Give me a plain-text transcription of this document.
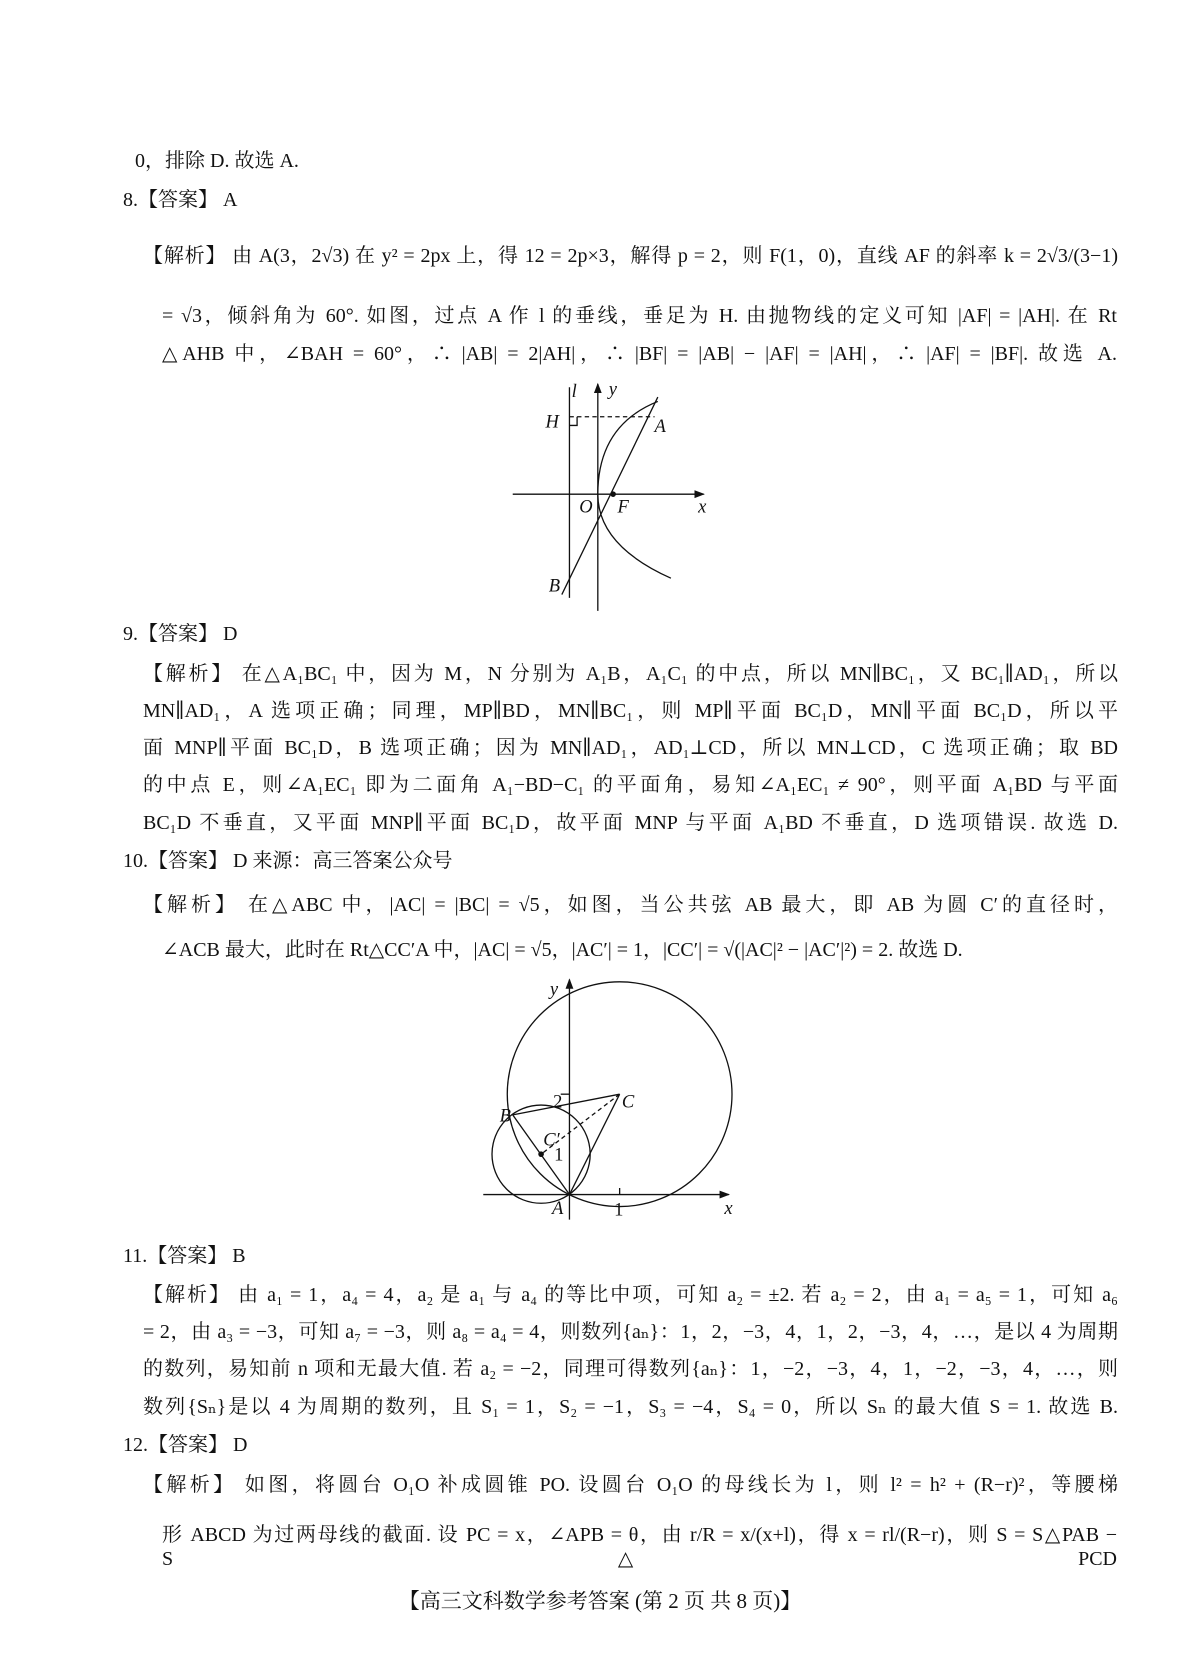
0，排除 D. 故选 A.
8.【答案】 A
【解析】 由 A(3，2√3) 在 y² = 2px 上，得 12 = 2p×3，解得 p = 2，则 F(1，0)，直线 AF 的斜率 k = 2√3/(3−1)
= √3，倾斜角为 60°. 如图，过点 A 作 l 的垂线，垂足为 H. 由抛物线的定义可知 |AF| = |AH|. 在 Rt
△AHB 中，∠BAH = 60°，∴ |AB| = 2|AH|，∴ |BF| = |AB| − |AF| = |AH|，∴ |AF| = |BF|. 故选 A.
9.【答案】 D
【解析】 在△A₁BC₁ 中，因为 M，N 分别为 A₁B，A₁C₁ 的中点，所以 MN∥BC₁，又 BC₁∥AD₁，所以
MN∥AD₁，A 选项正确；同理，MP∥BD，MN∥BC₁，则 MP∥平面 BC₁D，MN∥平面 BC₁D，所以平
面 MNP∥平面 BC₁D，B 选项正确；因为 MN∥AD₁，AD₁⊥CD，所以 MN⊥CD，C 选项正确；取 BD
的中点 E，则∠A₁EC₁ 即为二面角 A₁−BD−C₁ 的平面角，易知∠A₁EC₁ ≠ 90°，则平面 A₁BD 与平面
BC₁D 不垂直，又平面 MNP∥平面 BC₁D，故平面 MNP 与平面 A₁BD 不垂直，D 选项错误. 故选 D.
10.【答案】 D 来源：高三答案公众号
【解析】 在△ABC 中，|AC| = |BC| = √5，如图，当公共弦 AB 最大，即 AB 为圆 C′的直径时，
∠ACB 最大，此时在 Rt△CC′A 中，|AC| = √5，|AC′| = 1，|CC′| = √(|AC|² − |AC′|²) = 2. 故选 D.
11.【答案】 B
【解析】 由 a₁ = 1，a₄ = 4，a₂ 是 a₁ 与 a₄ 的等比中项，可知 a₂ = ±2. 若 a₂ = 2，由 a₁ = a₅ = 1，可知 a₆
= 2，由 a₃ = −3，可知 a₇ = −3，则 a₈ = a₄ = 4，则数列{aₙ}：1，2，−3，4，1，2，−3，4，…，是以 4 为周期
的数列，易知前 n 项和无最大值. 若 a₂ = −2，同理可得数列{aₙ}：1，−2，−3，4，1，−2，−3，4，…，则
数列{Sₙ}是以 4 为周期的数列，且 S₁ = 1，S₂ = −1，S₃ = −4，S₄ = 0，所以 Sₙ 的最大值 S = 1. 故选 B.
12.【答案】 D
【解析】 如图，将圆台 O₁O 补成圆锥 PO. 设圆台 O₁O 的母线长为 l，则 l² = h² + (R−r)²，等腰梯
形 ABCD 为过两母线的截面. 设 PC = x，∠APB = θ，由 r/R = x/(x+l)，得 x = rl/(R−r)，则 S = S△PAB − S△PCD
【高三文科数学参考答案 (第 2 页 共 8 页)】
l y
H	A
O F	x
B
y
x
2
1
1
B
C
C′
A
